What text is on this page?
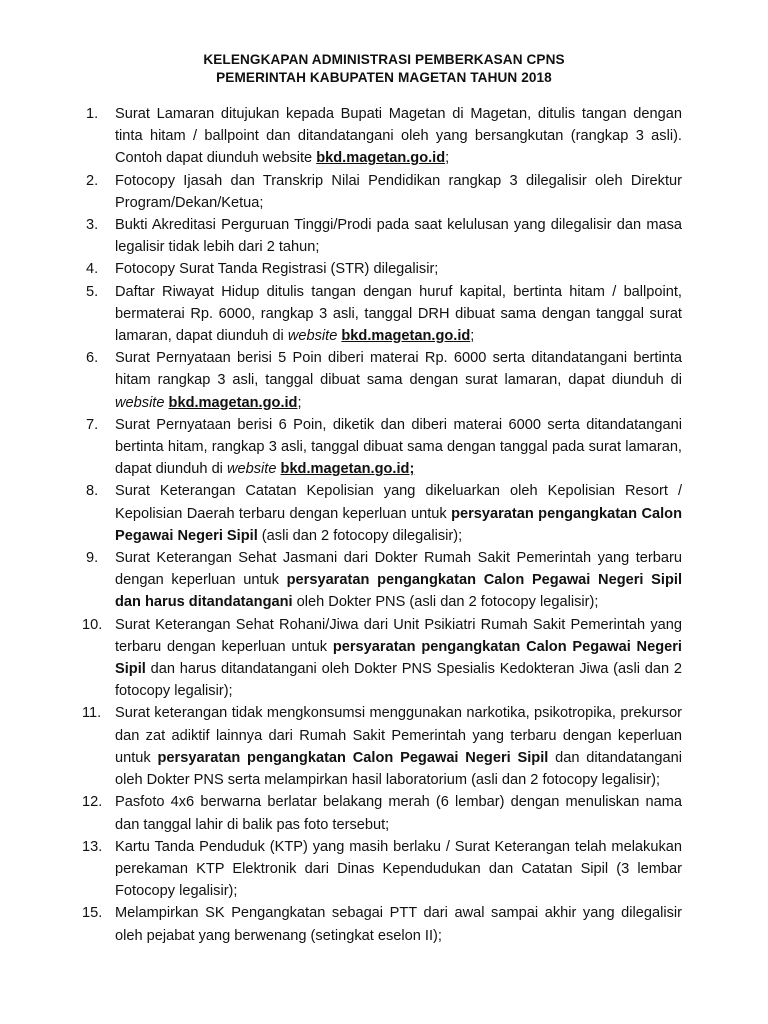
KELENGKAPAN ADMINISTRASI PEMBERKASAN CPNS
PEMERINTAH KABUPATEN MAGETAN TAHUN 2018
1. Surat Lamaran ditujukan kepada Bupati Magetan di Magetan, ditulis tangan dengan tinta hitam / ballpoint dan ditandatangani oleh yang bersangkutan (rangkap 3 asli). Contoh dapat diunduh website bkd.magetan.go.id;
2. Fotocopy Ijasah dan Transkrip Nilai Pendidikan rangkap 3 dilegalisir oleh Direktur Program/Dekan/Ketua;
3. Bukti Akreditasi Perguruan Tinggi/Prodi pada saat kelulusan yang dilegalisir dan masa legalisir tidak lebih dari 2 tahun;
4. Fotocopy Surat Tanda Registrasi (STR) dilegalisir;
5. Daftar Riwayat Hidup ditulis tangan dengan huruf kapital, bertinta hitam / ballpoint, bermaterai Rp. 6000, rangkap 3 asli, tanggal DRH dibuat sama dengan tanggal surat lamaran, dapat diunduh di website bkd.magetan.go.id;
6. Surat Pernyataan berisi 5 Poin diberi materai Rp. 6000 serta ditandatangani bertinta hitam rangkap 3 asli, tanggal dibuat sama dengan surat lamaran, dapat diunduh di website bkd.magetan.go.id;
7. Surat Pernyataan berisi 6 Poin, diketik dan diberi materai 6000 serta ditandatangani bertinta hitam, rangkap 3 asli, tanggal dibuat sama dengan tanggal pada surat lamaran, dapat diunduh di website bkd.magetan.go.id;
8. Surat Keterangan Catatan Kepolisian yang dikeluarkan oleh Kepolisian Resort / Kepolisian Daerah terbaru dengan keperluan untuk persyaratan pengangkatan Calon Pegawai Negeri Sipil (asli dan 2 fotocopy dilegalisir);
9. Surat Keterangan Sehat Jasmani dari Dokter Rumah Sakit Pemerintah yang terbaru dengan keperluan untuk persyaratan pengangkatan Calon Pegawai Negeri Sipil dan harus ditandatangani oleh Dokter PNS (asli dan 2 fotocopy legalisir);
10. Surat Keterangan Sehat Rohani/Jiwa dari Unit Psikiatri Rumah Sakit Pemerintah yang terbaru dengan keperluan untuk persyaratan pengangkatan Calon Pegawai Negeri Sipil dan harus ditandatangani oleh Dokter PNS Spesialis Kedokteran Jiwa (asli dan 2 fotocopy legalisir);
11. Surat keterangan tidak mengkonsumsi menggunakan narkotika, psikotropika, prekursor dan zat adiktif lainnya dari Rumah Sakit Pemerintah yang terbaru dengan keperluan untuk persyaratan pengangkatan Calon Pegawai Negeri Sipil dan ditandatangani oleh Dokter PNS serta melampirkan hasil laboratorium (asli dan 2 fotocopy legalisir);
12. Pasfoto 4x6 berwarna berlatar belakang merah (6 lembar) dengan menuliskan nama dan tanggal lahir di balik pas foto tersebut;
13. Kartu Tanda Penduduk (KTP) yang masih berlaku / Surat Keterangan telah melakukan perekaman KTP Elektronik dari Dinas Kependudukan dan Catatan Sipil (3 lembar Fotocopy legalisir);
15. Melampirkan SK Pengangkatan sebagai PTT dari awal sampai akhir yang dilegalisir oleh pejabat yang berwenang (setingkat eselon II);
